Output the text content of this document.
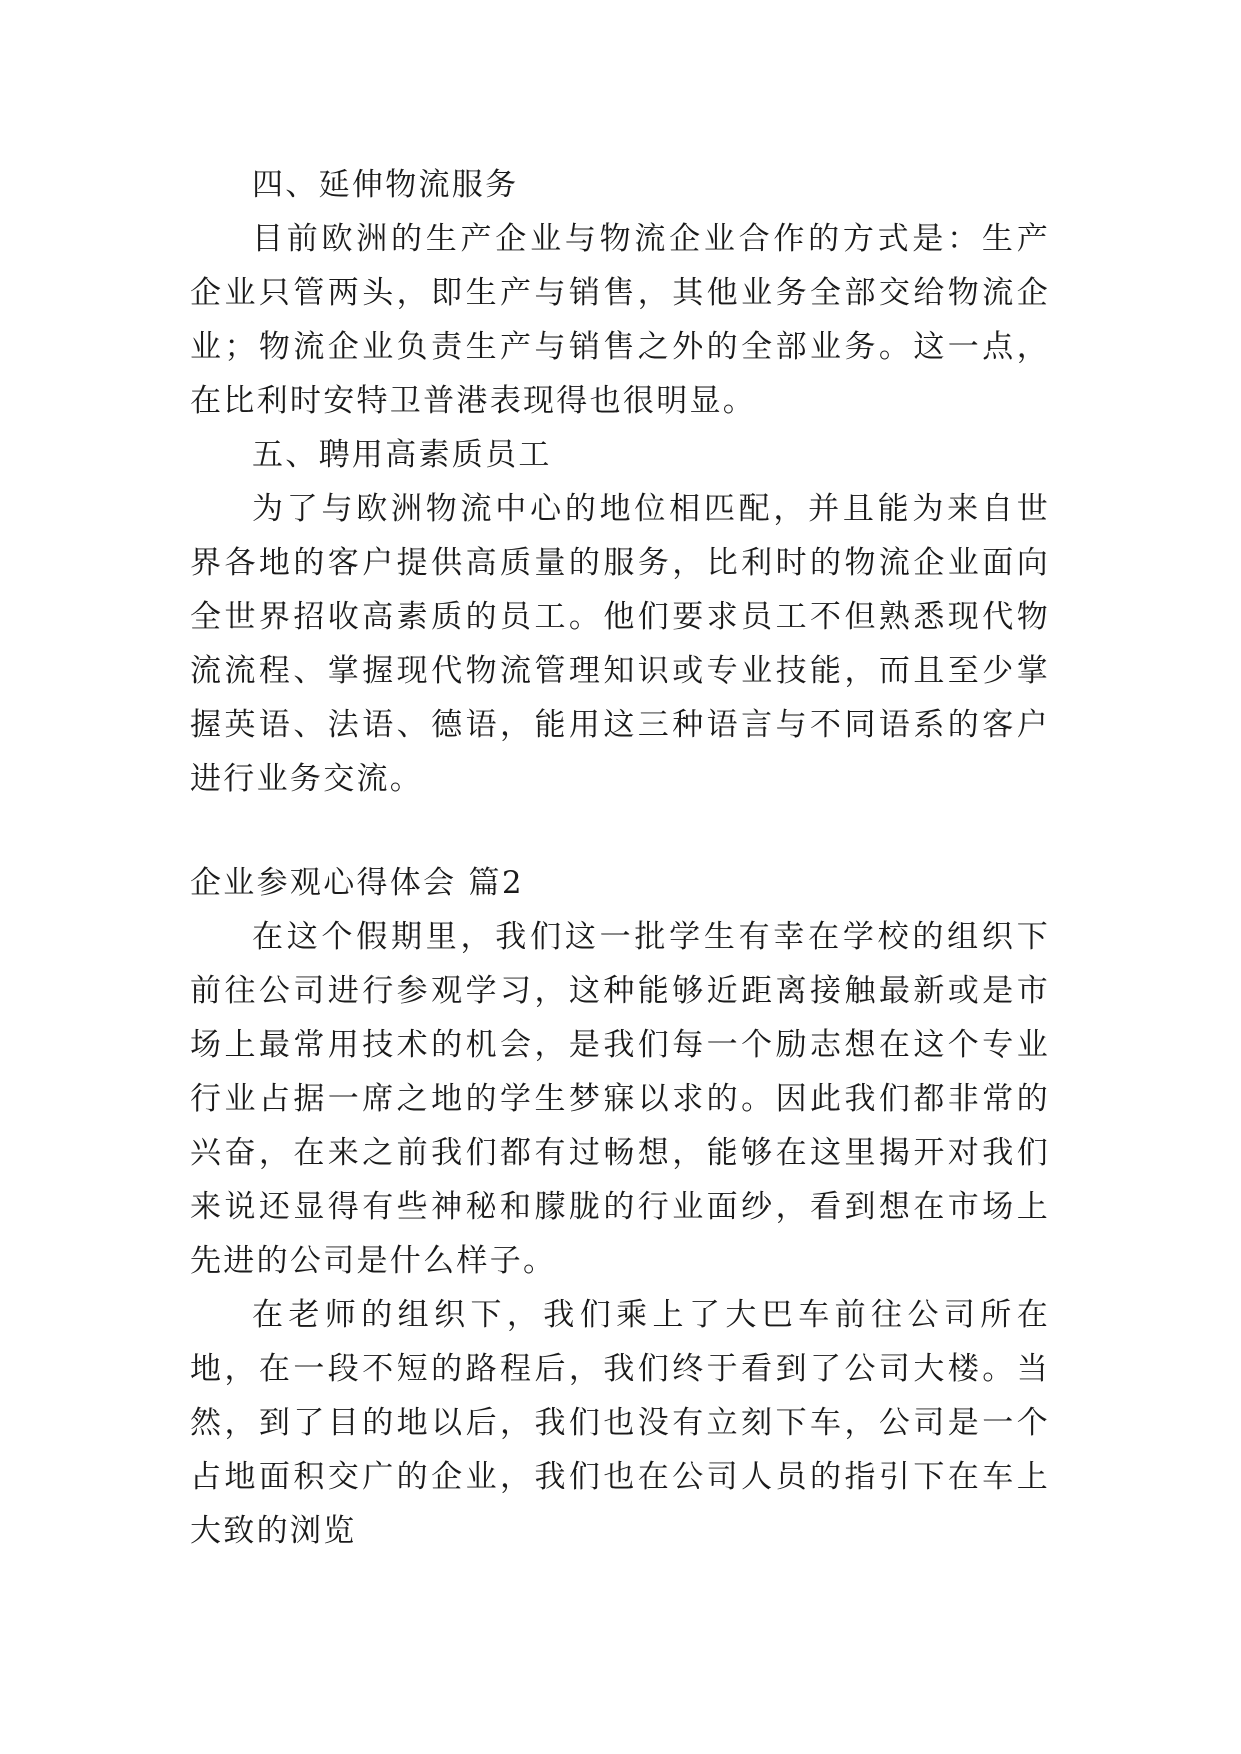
四、延伸物流服务

目前欧洲的生产企业与物流企业合作的方式是：生产企业只管两头，即生产与销售，其他业务全部交给物流企业；物流企业负责生产与销售之外的全部业务。这一点，在比利时安特卫普港表现得也很明显。

五、聘用高素质员工

为了与欧洲物流中心的地位相匹配，并且能为来自世界各地的客户提供高质量的服务，比利时的物流企业面向全世界招收高素质的员工。他们要求员工不但熟悉现代物流流程、掌握现代物流管理知识或专业技能，而且至少掌握英语、法语、德语，能用这三种语言与不同语系的客户进行业务交流。

企业参观心得体会 篇2

在这个假期里，我们这一批学生有幸在学校的组织下前往公司进行参观学习，这种能够近距离接触最新或是市场上最常用技术的机会，是我们每一个励志想在这个专业行业占据一席之地的学生梦寐以求的。因此我们都非常的兴奋，在来之前我们都有过畅想，能够在这里揭开对我们来说还显得有些神秘和朦胧的行业面纱，看到想在市场上先进的公司是什么样子。

在老师的组织下，我们乘上了大巴车前往公司所在地，在一段不短的路程后，我们终于看到了公司大楼。当然，到了目的地以后，我们也没有立刻下车，公司是一个占地面积交广的企业，我们也在公司人员的指引下在车上大致的浏览
